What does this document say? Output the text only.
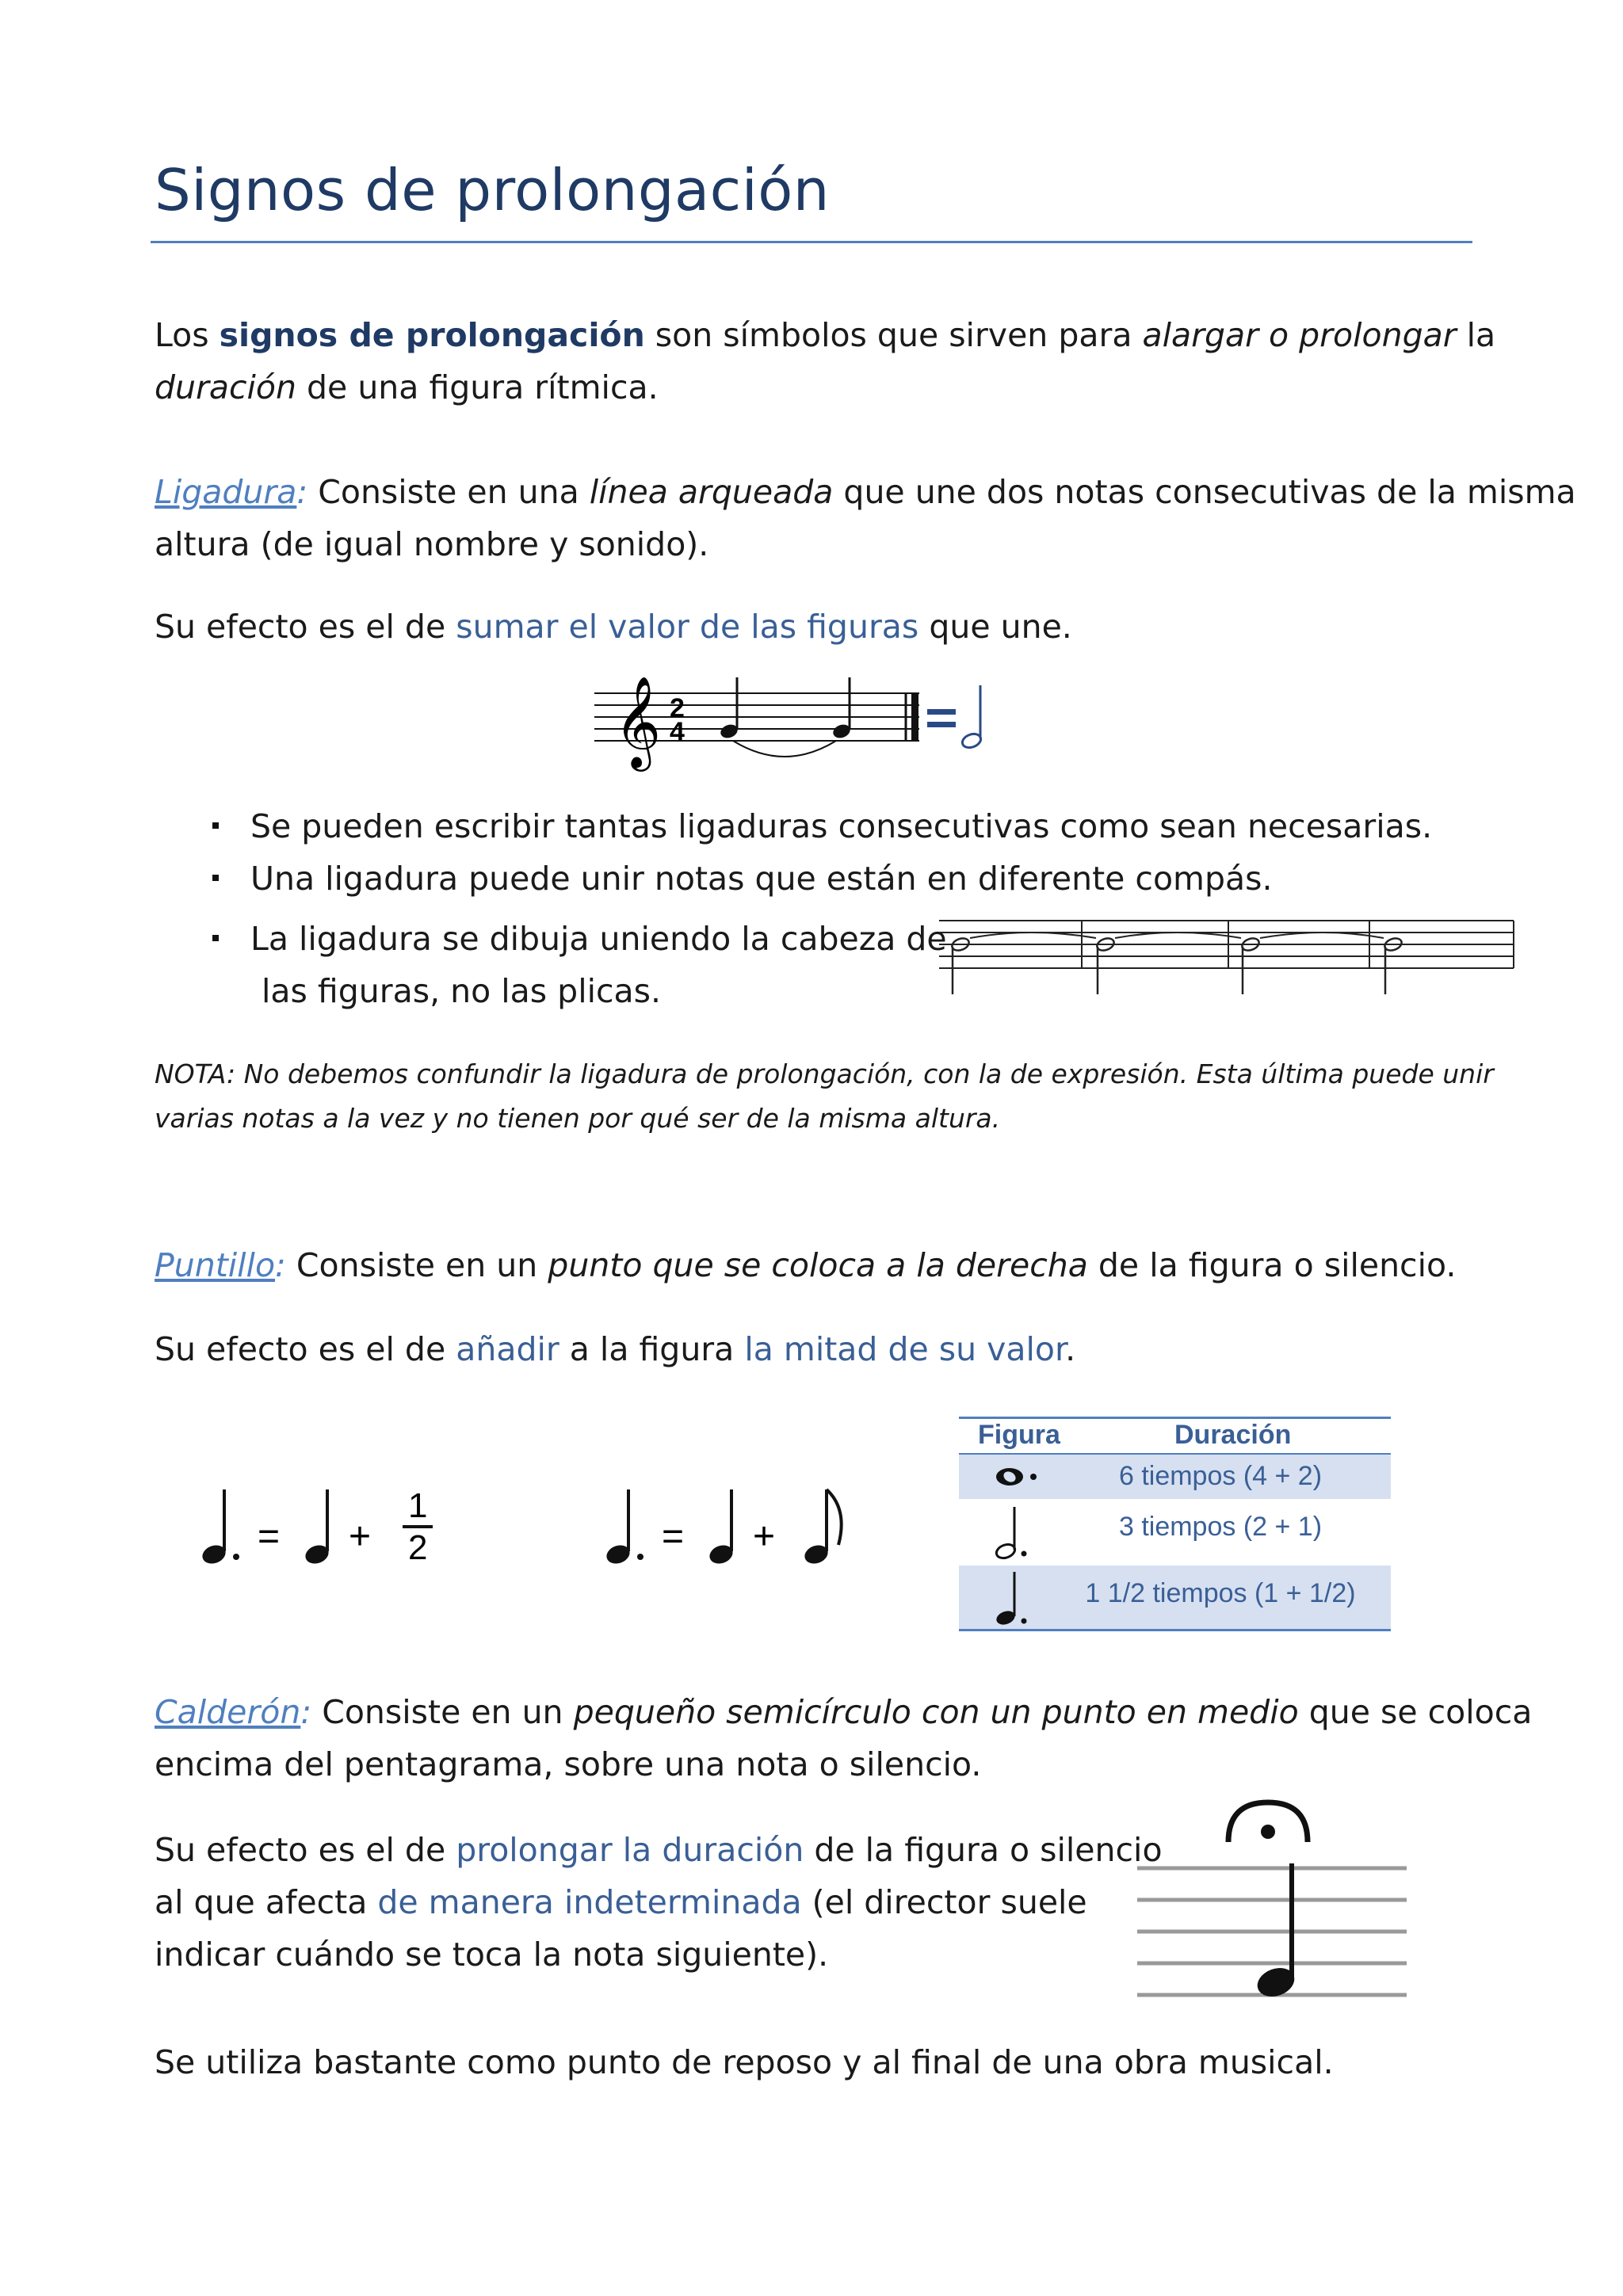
Signos de prolongación
Los signos de prolongación son símbolos que sirven para alargar o prolongar la
duración de una figura rítmica.
Ligadura: Consiste en una línea arqueada que une dos notas consecutivas de la misma
altura (de igual nombre y sonido).
Su efecto es el de sumar el valor de las figuras que une.
𝄞 2
4
Se pueden escribir tantas ligaduras consecutivas como sean necesarias.
Una ligadura puede unir notas que están en diferente compás.
La ligadura se dibuja uniendo la cabeza de
las figuras, no las plicas.
NOTA: No debemos confundir la ligadura de prolongación, con la de expresión. Esta última puede unir
varias notas a la vez y no tienen por qué ser de la misma altura.
Puntillo: Consiste en un punto que se coloca a la derecha de la figura o silencio.
Su efecto es el de añadir a la figura la mitad de su valor.
= +
1
2	= +
Figura	Duración
6 tiempos (4 + 2)
3 tiempos (2 + 1)
1 1/2 tiempos (1 + 1/2)
Calderón: Consiste en un pequeño semicírculo con un punto en medio que se coloca
encima del pentagrama, sobre una nota o silencio.
Su efecto es el de prolongar la duración de la figura o silencio
al que afecta de manera indeterminada (el director suele
indicar cuándo se toca la nota siguiente).
Se utiliza bastante como punto de reposo y al final de una obra musical.
